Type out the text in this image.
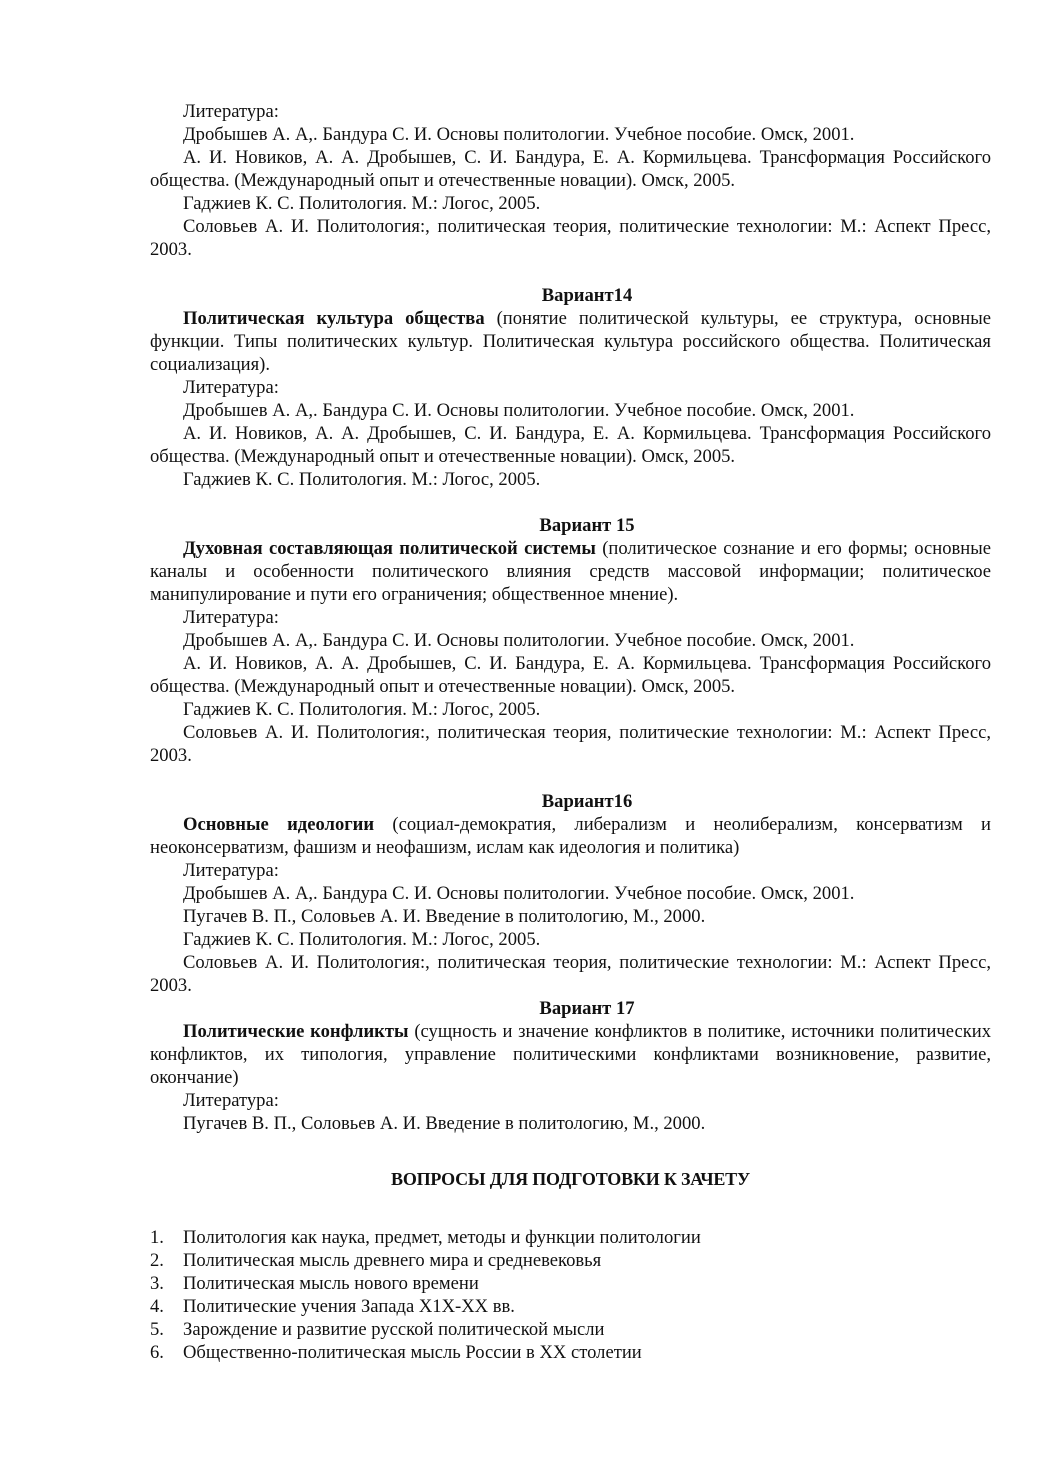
Литература:

Дробышев А. А,. Бандура С. И. Основы политологии. Учебное пособие. Омск, 2001.

А. И. Новиков, А. А. Дробышев, С. И. Бандура, Е. А. Кормильцева. Трансформация Российского общества. (Международный опыт и отечественные новации). Омск, 2005.

Гаджиев К. С. Политология. М.: Логос, 2005.

Соловьев А. И. Политология:, политическая теория, политические технологии: М.: Аспект Пресс, 2003.

Вариант14

Политическая культура общества (понятие политической культуры, ее структура, основные функции. Типы политических культур. Политическая культура российского общества. Политическая социализация).

Литература:

Дробышев А. А,. Бандура С. И. Основы политологии. Учебное пособие. Омск, 2001.

А. И. Новиков, А. А. Дробышев, С. И. Бандура, Е. А. Кормильцева. Трансформация Российского общества. (Международный опыт и отечественные новации). Омск, 2005.

Гаджиев К. С. Политология. М.: Логос, 2005.

Вариант 15

Духовная составляющая политической системы (политическое сознание и его формы; основные каналы и особенности политического влияния средств массовой информации; политическое манипулирование и пути его ограничения; общественное мнение).

Литература:

Дробышев А. А,. Бандура С. И. Основы политологии. Учебное пособие. Омск, 2001.

А. И. Новиков, А. А. Дробышев, С. И. Бандура, Е. А. Кормильцева. Трансформация Российского общества. (Международный опыт и отечественные новации). Омск, 2005.

Гаджиев К. С. Политология. М.: Логос, 2005.

Соловьев А. И. Политология:, политическая теория, политические технологии: М.: Аспект Пресс, 2003.

Вариант16

Основные идеологии (социал-демократия, либерализм и неолиберализм, консерватизм и неоконсерватизм, фашизм и неофашизм, ислам как идеология и политика)

Литература:

Дробышев А. А,. Бандура С. И. Основы политологии. Учебное пособие. Омск, 2001.

Пугачев В. П., Соловьев А. И. Введение в политологию, М., 2000.

Гаджиев К. С. Политология. М.: Логос, 2005.

Соловьев А. И. Политология:, политическая теория, политические технологии: М.: Аспект Пресс, 2003.

Вариант 17

Политические конфликты (сущность и значение конфликтов в политике, источники политических конфликтов, их типология, управление политическими конфликтами возникновение, развитие, окончание)

Литература:

Пугачев В. П., Соловьев А. И. Введение в политологию, М., 2000.

ВОПРОСЫ ДЛЯ ПОДГОТОВКИ К ЗАЧЕТУ

1.	Политология как наука, предмет, методы и функции политологии
2.	Политическая мысль древнего мира и средневековья
3.	Политическая мысль нового времени
4.	Политические учения Запада Х1Х-ХХ вв.
5.	Зарождение и развитие русской политической мысли
6.	Общественно-политическая мысль России в ХХ столетии
